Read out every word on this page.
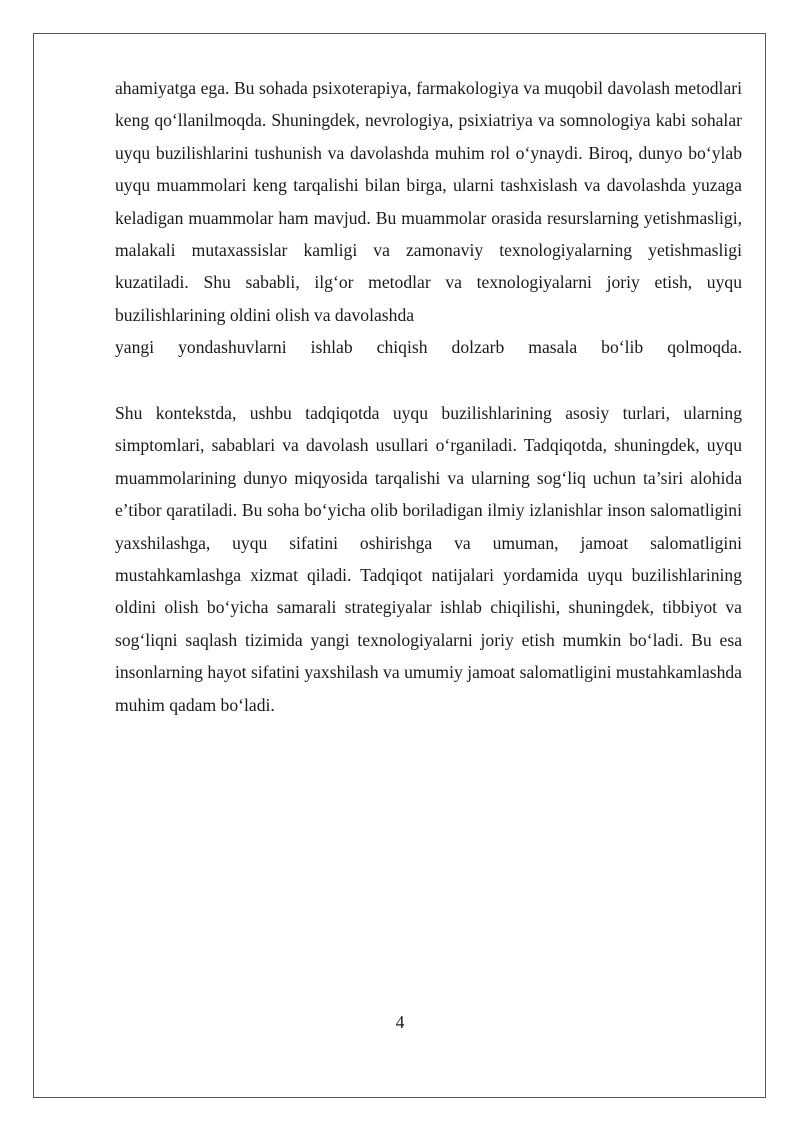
ahamiyatga ega. Bu sohada psixoterapiya, farmakologiya va muqobil davolash metodlari keng qo‘llanilmoqda. Shuningdek, nevrologiya, psixiatriya va somnologiya kabi sohalar uyqu buzilishlarini tushunish va davolashda muhim rol o‘ynaydi. Biroq, dunyo bo‘ylab uyqu muammolari keng tarqalishi bilan birga, ularni tashxislash va davolashda yuzaga keladigan muammolar ham mavjud. Bu muammolar orasida resurslarning yetishmasligi, malakali mutaxassislar kamligi va zamonaviy texnologiyalarning yetishmasligi kuzatiladi. Shu sababli, ilg‘or metodlar va texnologiyalarni joriy etish, uyqu buzilishlarining oldini olish va davolashda
yangi yondashuvlarni ishlab chiqish dolzarb masala bo‘lib qolmoqda.

Shu kontekstda, ushbu tadqiqotda uyqu buzilishlarining asosiy turlari, ularning simptomlari, sabablari va davolash usullari o‘rganiladi. Tadqiqotda, shuningdek, uyqu muammolarining dunyo miqyosida tarqalishi va ularning sog‘liq uchun ta’siri alohida e’tibor qaratiladi. Bu soha bo‘yicha olib boriladigan ilmiy izlanishlar inson salomatligini yaxshilashga, uyqu sifatini oshirishga va umuman, jamoat salomatligini mustahkamlashga xizmat qiladi. Tadqiqot natijalari yordamida uyqu buzilishlarining oldini olish bo‘yicha samarali strategiyalar ishlab chiqilishi, shuningdek, tibbiyot va sog‘liqni saqlash tizimida yangi texnologiyalarni joriy etish mumkin bo‘ladi. Bu esa insonlarning hayot sifatini yaxshilash va umumiy jamoat salomatligini mustahkamlashda muhim qadam bo‘ladi.

4
